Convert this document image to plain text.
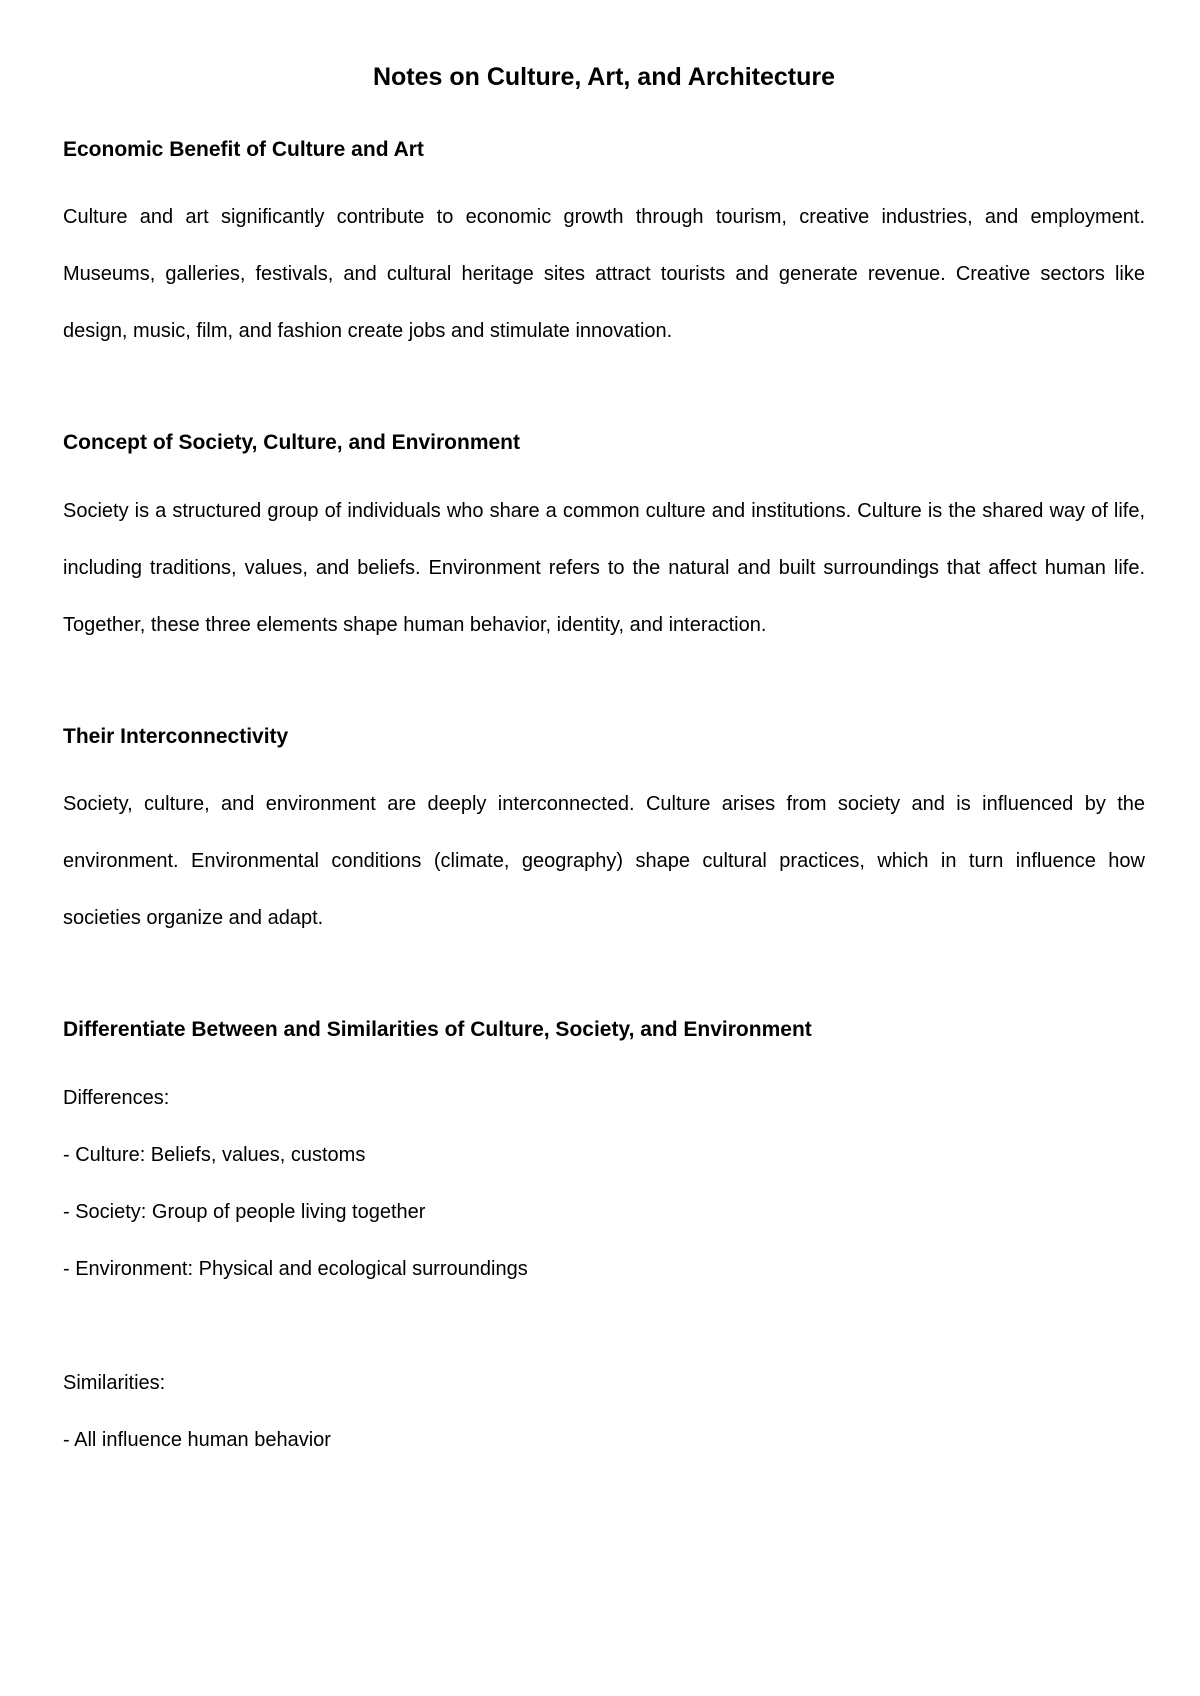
Notes on Culture, Art, and Architecture
Economic Benefit of Culture and Art

Culture and art significantly contribute to economic growth through tourism, creative industries, and employment. Museums, galleries, festivals, and cultural heritage sites attract tourists and generate revenue. Creative sectors like design, music, film, and fashion create jobs and stimulate innovation.

Concept of Society, Culture, and Environment

Society is a structured group of individuals who share a common culture and institutions. Culture is the shared way of life, including traditions, values, and beliefs. Environment refers to the natural and built surroundings that affect human life. Together, these three elements shape human behavior, identity, and interaction.

Their Interconnectivity

Society, culture, and environment are deeply interconnected. Culture arises from society and is influenced by the environment. Environmental conditions (climate, geography) shape cultural practices, which in turn influence how societies organize and adapt.

Differentiate Between and Similarities of Culture, Society, and Environment

Differences:

- Culture: Beliefs, values, customs

- Society: Group of people living together

- Environment: Physical and ecological surroundings

Similarities:

- All influence human behavior
